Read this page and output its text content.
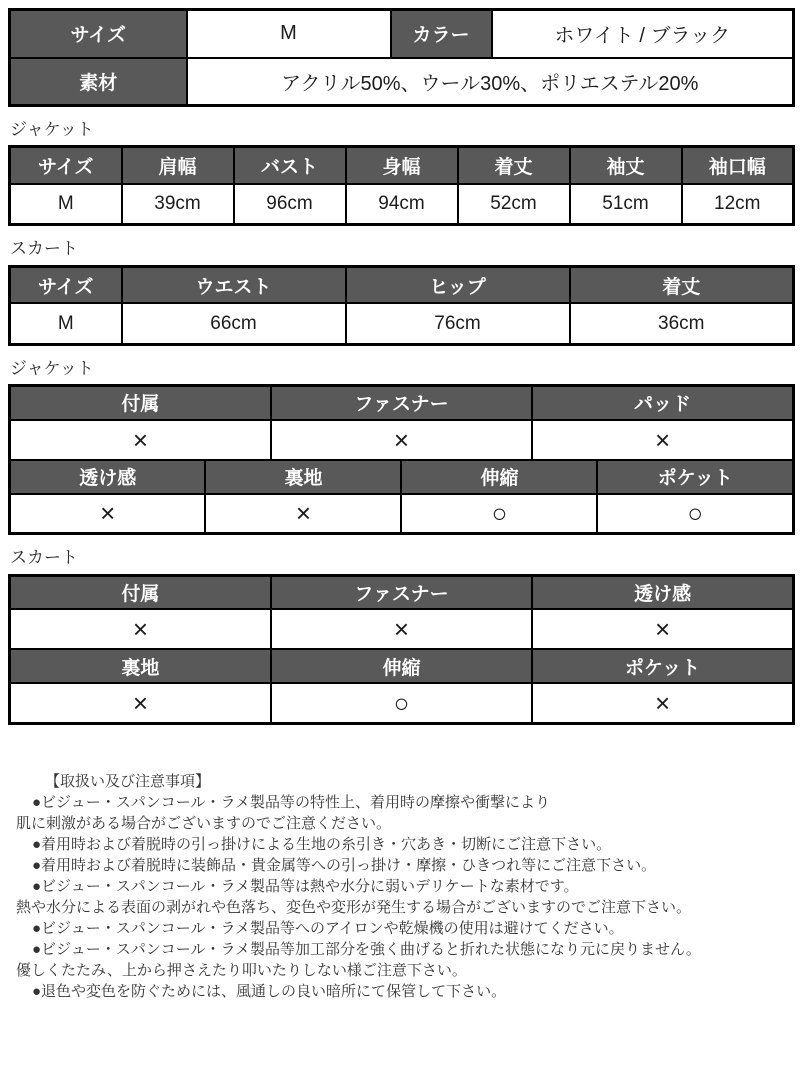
サイズ	M	カラー	ホワイト / ブラック
素材	アクリル50%、ウール30%、ポリエステル20%		
ジャケット
サイズ	肩幅	バスト	身幅	着丈	袖丈	袖口幅
M	39cm	96cm	94cm	52cm	51cm	12cm
スカート
サイズ	ウエスト	ヒップ	着丈
M	66cm	76cm	36cm
ジャケット
付属		ファスナー		パッド	
×		×		×	
透け感	裏地		伸縮		ポケット
×	×		○		○
スカート
付属	ファスナー	透け感
×	×	×
裏地	伸縮	ポケット
×	○	×
【取扱い及び注意事項】
●ビジュー・スパンコール・ラメ製品等の特性上、着用時の摩擦や衝撃により
肌に刺激がある場合がございますのでご注意ください。
●着用時および着脱時の引っ掛けによる生地の糸引き・穴あき・切断にご注意下さい。
●着用時および着脱時に装飾品・貴金属等への引っ掛け・摩擦・ひきつれ等にご注意下さい。
●ビジュー・スパンコール・ラメ製品等は熱や水分に弱いデリケートな素材です。
熱や水分による表面の剥がれや色落ち、変色や変形が発生する場合がございますのでご注意下さい。
●ビジュー・スパンコール・ラメ製品等へのアイロンや乾燥機の使用は避けてください。
●ビジュー・スパンコール・ラメ製品等加工部分を強く曲げると折れた状態になり元に戻りません。
優しくたたみ、上から押さえたり叩いたりしない様ご注意下さい。
●退色や変色を防ぐためには、風通しの良い暗所にて保管して下さい。
